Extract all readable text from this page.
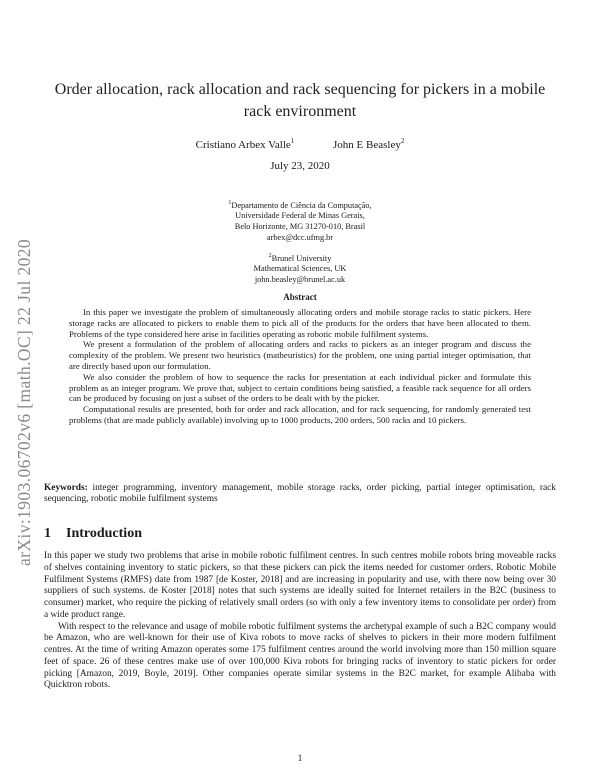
arXiv:1903.06702v6 [math.OC] 22 Jul 2020
Order allocation, rack allocation and rack sequencing for pickers in a mobile rack environment
Cristiano Arbex Valle$^1$	John E Beasley$^2$
July 23, 2020
$^1$Departamento de Ciência da Computação,
Universidade Federal de Minas Gerais,
Belo Horizonte, MG 31270-010, Brasil
arbex@dcc.ufmg.br
$^2$Brunel University
Mathematical Sciences, UK
john.beasley@brunel.ac.uk
Abstract

In this paper we investigate the problem of simultaneously allocating orders and mobile storage racks to static pickers. Here storage racks are allocated to pickers to enable them to pick all of the products for the orders that have been allocated to them. Problems of the type considered here arise in facilities operating as robotic mobile fulfilment systems.

We present a formulation of the problem of allocating orders and racks to pickers as an integer program and discuss the complexity of the problem. We present two heuristics (matheuristics) for the problem, one using partial integer optimisation, that are directly based upon our formulation.

We also consider the problem of how to sequence the racks for presentation at each individual picker and formulate this problem as an integer program. We prove that, subject to certain conditions being satisfied, a feasible rack sequence for all orders can be produced by focusing on just a subset of the orders to be dealt with by the picker.

Computational results are presented, both for order and rack allocation, and for rack sequencing, for randomly generated test problems (that are made publicly available) involving up to 1000 products, 200 orders, 500 racks and 10 pickers.

Keywords: integer programming, inventory management, mobile storage racks, order picking, partial integer optimisation, rack sequencing, robotic mobile fulfilment systems
1 Introduction

In this paper we study two problems that arise in mobile robotic fulfilment centres. In such centres mobile robots bring moveable racks of shelves containing inventory to static pickers, so that these pickers can pick the items needed for customer orders. Robotic Mobile Fulfilment Systems (RMFS) date from 1987 [de Koster, 2018] and are increasing in popularity and use, with there now being over 30 suppliers of such systems. de Koster [2018] notes that such systems are ideally suited for Internet retailers in the B2C (business to consumer) market, who require the picking of relatively small orders (so with only a few inventory items to consolidate per order) from a wide product range.

With respect to the relevance and usage of mobile robotic fulfilment systems the archetypal example of such a B2C company would be Amazon, who are well-known for their use of Kiva robots to move racks of shelves to pickers in their more modern fulfilment centres. At the time of writing Amazon operates some 175 fulfilment centres around the world involving more than 150 million square feet of space. 26 of these centres make use of over 100,000 Kiva robots for bringing racks of inventory to static pickers for order picking [Amazon, 2019, Boyle, 2019]. Other companies operate similar systems in the B2C market, for example Alibaba with Quicktron robots.

1
